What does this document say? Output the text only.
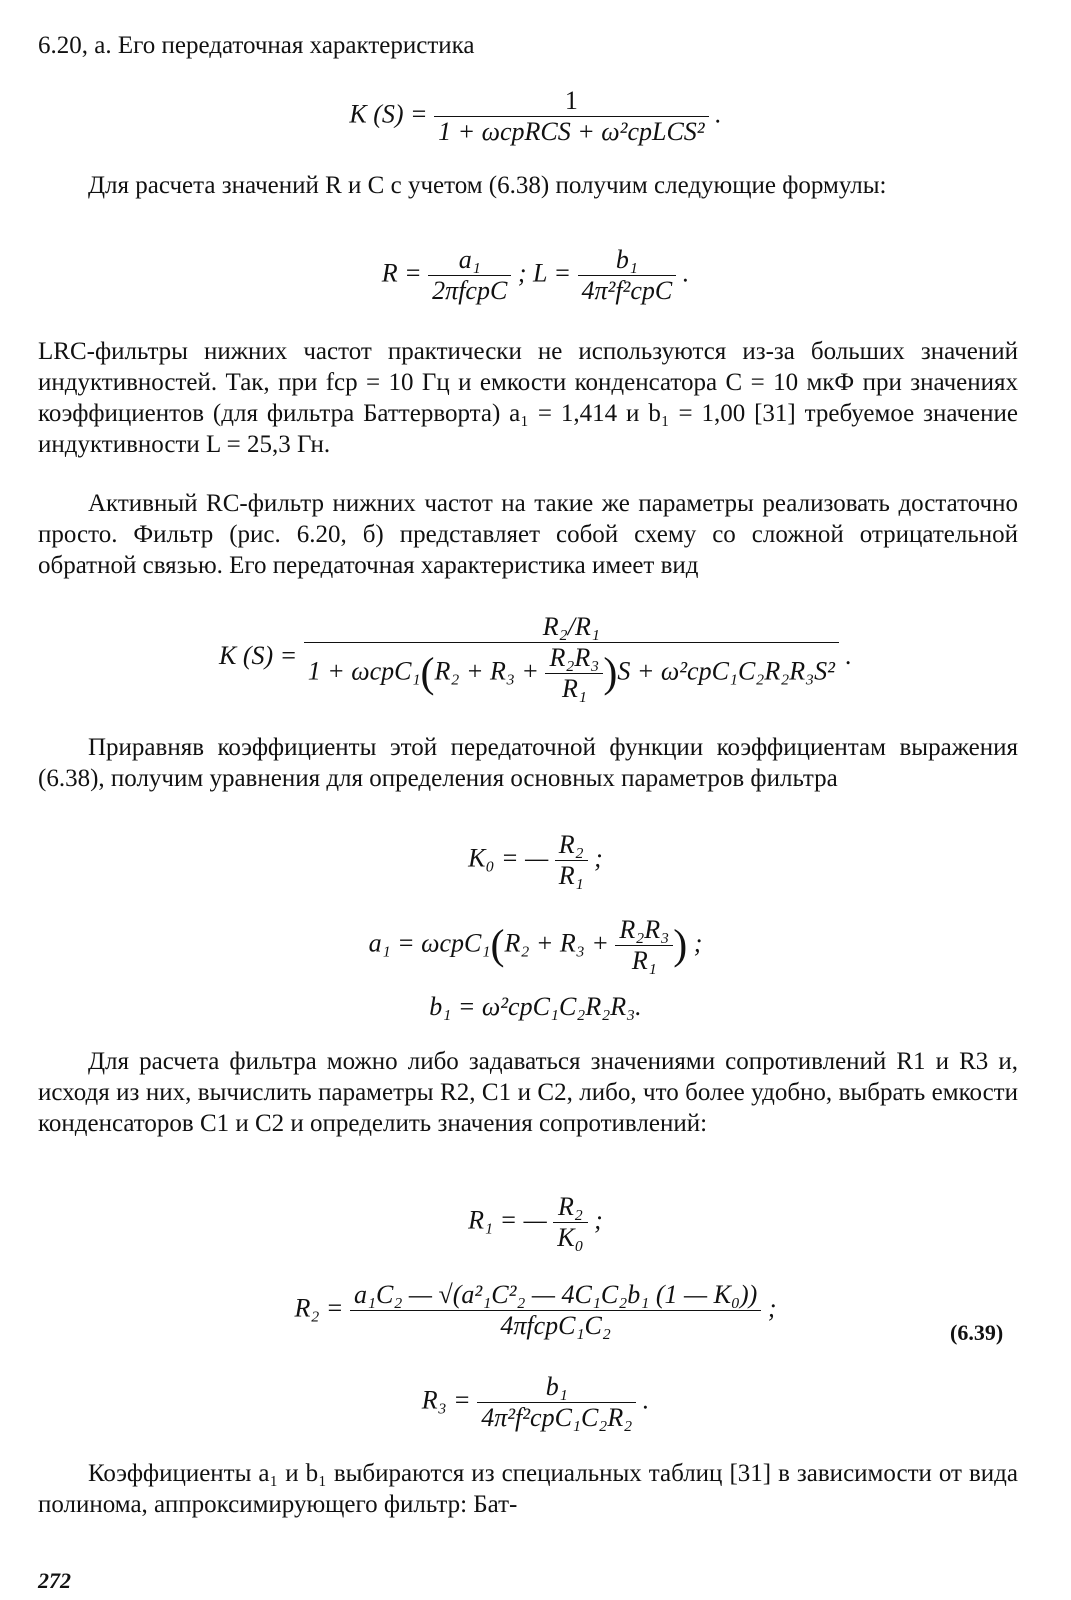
6.20, а. Его передаточная характеристика
K $(S) = \frac{1}{\text{1 + ωсрRCS + ω²срLCS²}}$ .
Для расчета значений R и C с учетом (6.38) получим следующие формулы:
$R = \frac{\text{a₁}}{\text{2πfсрC}}$ ; $L = \frac{\text{b₁}}{\text{4π²f²срC}}$ .
LRC-фильтры нижних частот практически не используются из-за больших значений индуктивностей. Так, при fср = 10 Гц и емкости конденсатора C = 10 мкФ при значениях коэффициентов (для фильтра Баттерворта) a₁ = 1,414 и b₁ = 1,00 [31] требуемое значение индуктивности L = 25,3 Гн.
Активный RC-фильтр нижних частот на такие же параметры реализовать достаточно просто. Фильтр (рис. 6.20, б) представляет собой схему со сложной отрицательной обратной связью. Его передаточная характеристика имеет вид
K (S) =
R₂/R₁
$1 + \omega срC_1(R_2 + R_3 + \frac{\text{R₂R₃}}{\text{R₁}} )S + \omega^2срC_1C_2R_2R_3S^2$
.
Приравняв коэффициенты этой передаточной функции коэффициентам выражения (6.38), получим уравнения для определения основных параметров фильтра
K₀ = — $\frac{\text{R₂}}{\text{R₁}}$ ;
$a_1 = \omega срC_1(R_2 + R_3 + \frac{\text{R₂R₃}}{\text{R₁}}$ ) ;
b₁ = ω²срC₁C₂R₂R₃.
Для расчета фильтра можно либо задаваться значениями сопротивлений R1 и R3 и, исходя из них, вычислить параметры R2, C1 и C2, либо, что более удобно, выбрать емкости конденсаторов C1 и C2 и определить значения сопротивлений:
R₁ = — $\frac{\text{R₂}}{\text{K₀}}$ ;
$R_2 = \frac{\text{a₁C₂ — √(a²₁C²₂ — 4C₁C₂b₁ (1 — K₀))}}{\text{4πfсрC₁C₂}}$ ;
(6.39)
$R_3 = \frac{\text{b₁}}{\text{4π²f²срC₁C₂R₂}}$ .
Коэффициенты a₁ и b₁ выбираются из специальных таблиц [31] в зависимости от вида полинома, аппроксимирующего фильтр: Бат-
272
